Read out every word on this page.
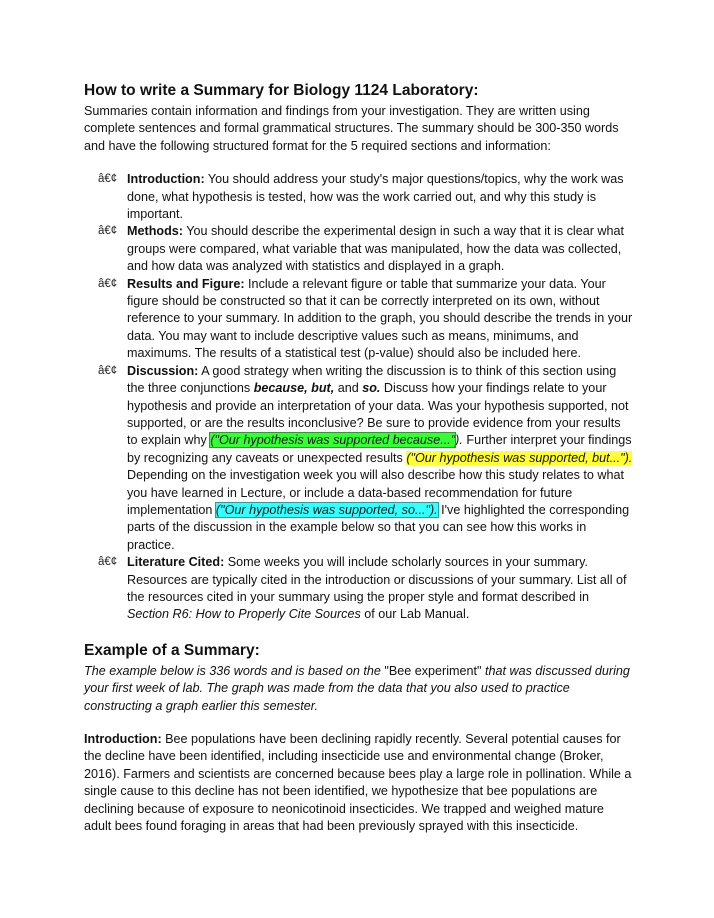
How to write a Summary for Biology 1124 Laboratory:

Summaries contain information and findings from your investigation. They are written using complete sentences and formal grammatical structures. The summary should be 300-350 words and have the following structured format for the 5 required sections and information:

â€¢ Introduction: You should address your study's major questions/topics, why the work was done, what hypothesis is tested, how was the work carried out, and why this study is important.
â€¢ Methods: You should describe the experimental design in such a way that it is clear what groups were compared, what variable that was manipulated, how the data was collected, and how data was analyzed with statistics and displayed in a graph.
â€¢ Results and Figure: Include a relevant figure or table that summarize your data. Your figure should be constructed so that it can be correctly interpreted on its own, without reference to your summary. In addition to the graph, you should describe the trends in your data. You may want to include descriptive values such as means, minimums, and maximums. The results of a statistical test (p-value) should also be included here.
â€¢ Discussion: A good strategy when writing the discussion is to think of this section using the three conjunctions because, but, and so. Discuss how your findings relate to your hypothesis and provide an interpretation of your data. Was your hypothesis supported, not supported, or are the results inconclusive? Be sure to provide evidence from your results to explain why ("Our hypothesis was supported because..."). Further interpret your findings by recognizing any caveats or unexpected results ("Our hypothesis was supported, but..."). Depending on the investigation week you will also describe how this study relates to what you have learned in Lecture, or include a data-based recommendation for future implementation ("Our hypothesis was supported, so..."). I've highlighted the corresponding parts of the discussion in the example below so that you can see how this works in practice.
â€¢ Literature Cited: Some weeks you will include scholarly sources in your summary. Resources are typically cited in the introduction or discussions of your summary. List all of the resources cited in your summary using the proper style and format described in Section R6: How to Properly Cite Sources of our Lab Manual.
Example of a Summary:

The example below is 336 words and is based on the "Bee experiment" that was discussed during your first week of lab. The graph was made from the data that you also used to practice constructing a graph earlier this semester.

Introduction: Bee populations have been declining rapidly recently. Several potential causes for the decline have been identified, including insecticide use and environmental change (Broker, 2016). Farmers and scientists are concerned because bees play a large role in pollination. While a single cause to this decline has not been identified, we hypothesize that bee populations are declining because of exposure to neonicotinoid insecticides. We trapped and weighed mature adult bees found foraging in areas that had been previously sprayed with this insecticide.
